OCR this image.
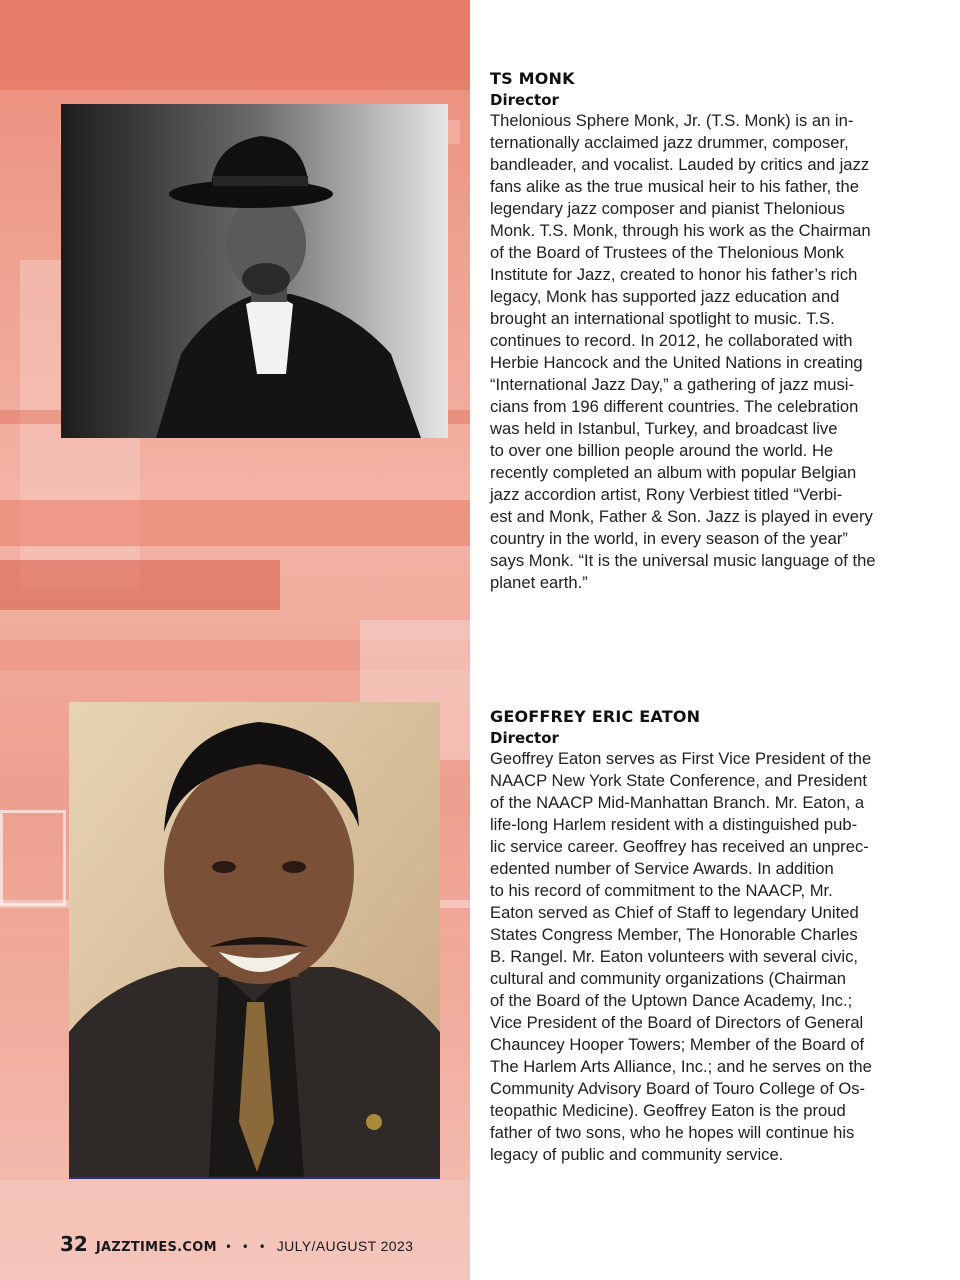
TS MONK

Director

Thelonious Sphere Monk, Jr. (T.S. Monk) is an in-
ternationally acclaimed jazz drummer, composer,
bandleader, and vocalist. Lauded by critics and jazz
fans alike as the true musical heir to his father, the
legendary jazz composer and pianist Thelonious
Monk. T.S. Monk, through his work as the Chairman
of the Board of Trustees of the Thelonious Monk
Institute for Jazz, created to honor his father’s rich
legacy, Monk has supported jazz education and
brought an international spotlight to music. T.S.
continues to record. In 2012, he collaborated with
Herbie Hancock and the United Nations in creating
“International Jazz Day,” a gathering of jazz musi-
cians from 196 different countries. The celebration
was held in Istanbul, Turkey, and broadcast live
to over one billion people around the world. He
recently completed an album with popular Belgian
jazz accordion artist, Rony Verbiest titled “Verbi-
est and Monk, Father & Son. Jazz is played in every
country in the world, in every season of the year”
says Monk. “It is the universal music language of the
planet earth.”

GEOFFREY ERIC EATON

Director

Geoffrey Eaton serves as First Vice President of the
NAACP New York State Conference, and President
of the NAACP Mid-Manhattan Branch. Mr. Eaton, a
life-long Harlem resident with a distinguished pub-
lic service career. Geoffrey has received an unprec-
edented number of Service Awards. In addition
to his record of commitment to the NAACP, Mr.
Eaton served as Chief of Staff to legendary United
States Congress Member, The Honorable Charles
B. Rangel. Mr. Eaton volunteers with several civic,
cultural and community organizations (Chairman
of the Board of the Uptown Dance Academy, Inc.;
Vice President of the Board of Directors of General
Chauncey Hooper Towers; Member of the Board of
The Harlem Arts Alliance, Inc.; and he serves on the
Community Advisory Board of Touro College of Os-
teopathic Medicine). Geoffrey Eaton is the proud
father of two sons, who he hopes will continue his
legacy of public and community service.

32 JAZZTIMES.COM • • • JULY/AUGUST 2023
